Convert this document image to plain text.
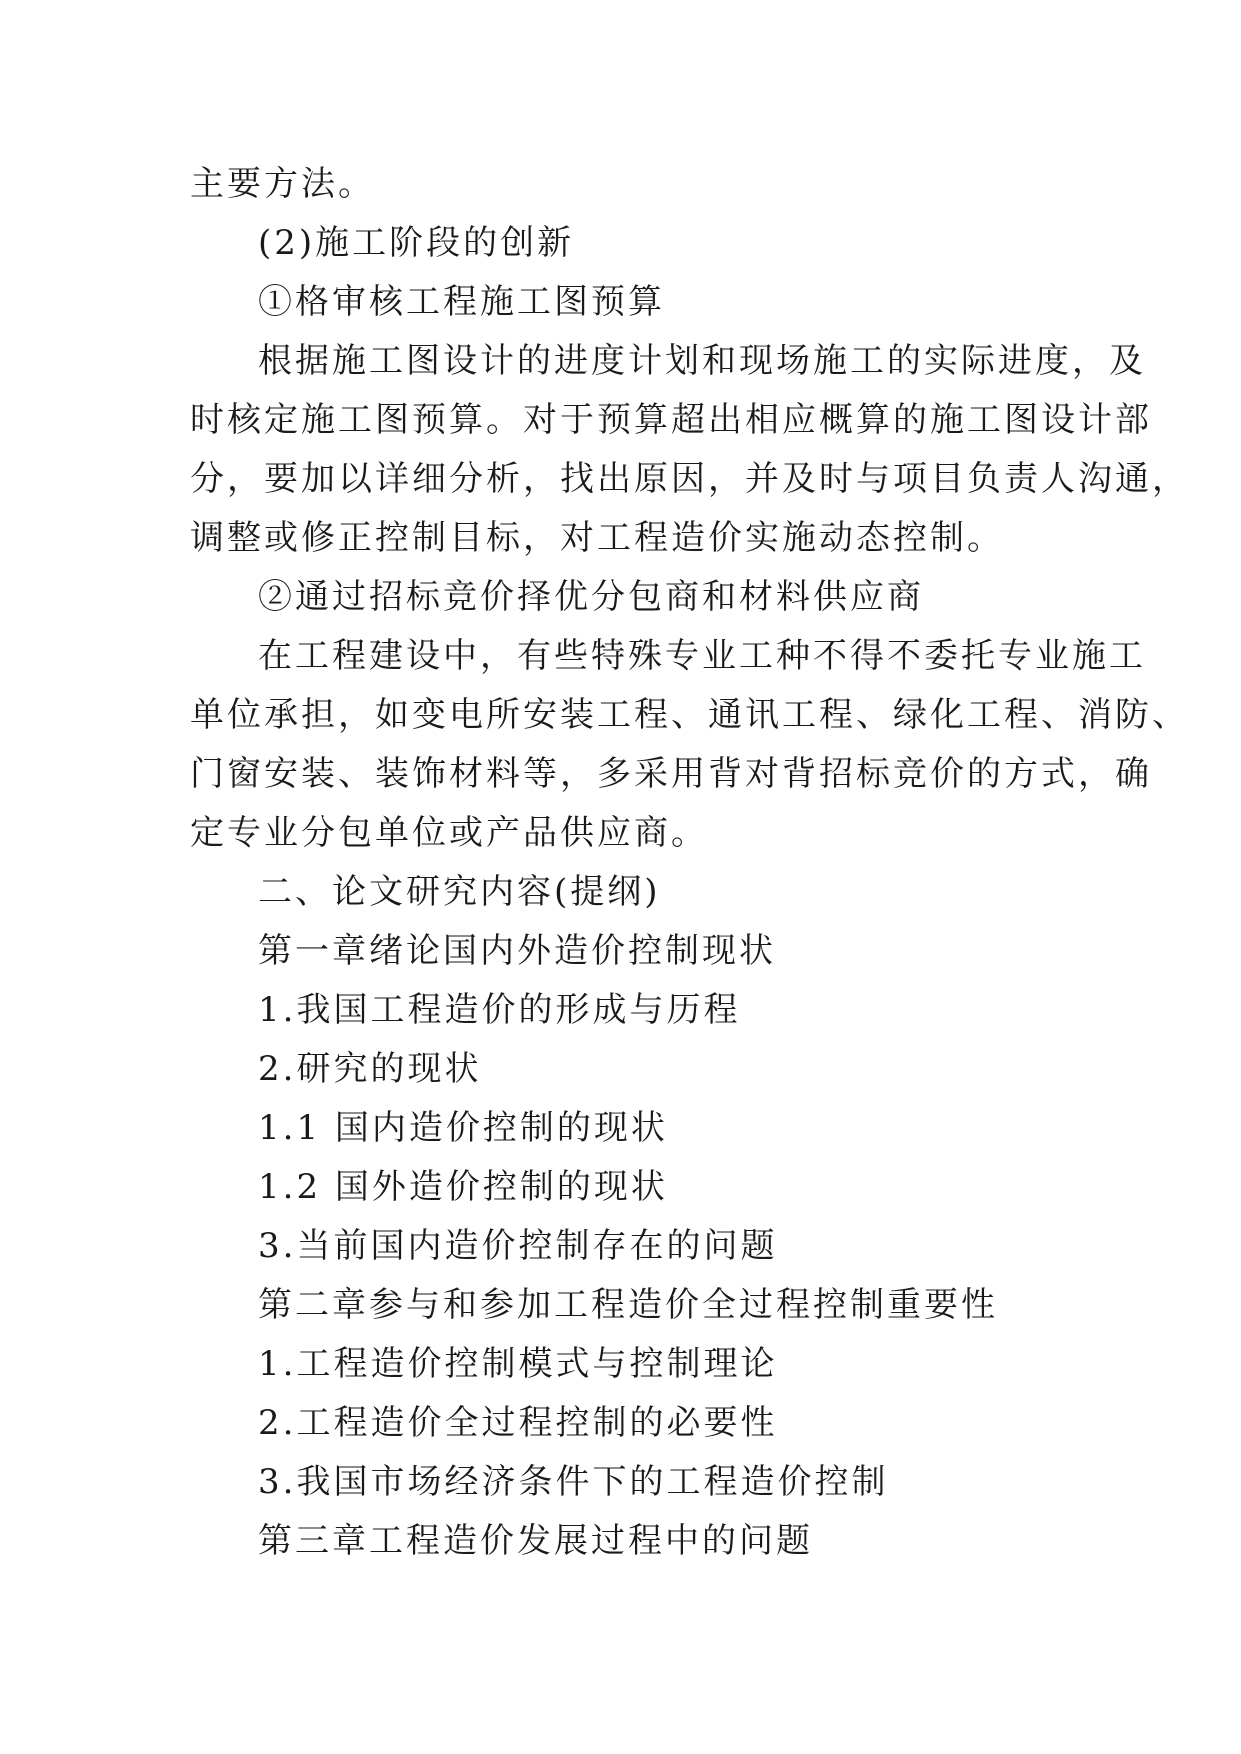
主要方法。
(2)施工阶段的创新
①格审核工程施工图预算
根据施工图设计的进度计划和现场施工的实际进度，及
时核定施工图预算。对于预算超出相应概算的施工图设计部
分，要加以详细分析，找出原因，并及时与项目负责人沟通，
调整或修正控制目标，对工程造价实施动态控制。
②通过招标竞价择优分包商和材料供应商
在工程建设中，有些特殊专业工种不得不委托专业施工
单位承担，如变电所安装工程、通讯工程、绿化工程、消防、
门窗安装、装饰材料等，多采用背对背招标竞价的方式，确
定专业分包单位或产品供应商。
二、论文研究内容(提纲)
第一章绪论国内外造价控制现状
1.我国工程造价的形成与历程
2.研究的现状
1.1 国内造价控制的现状
1.2 国外造价控制的现状
3.当前国内造价控制存在的问题
第二章参与和参加工程造价全过程控制重要性
1.工程造价控制模式与控制理论
2.工程造价全过程控制的必要性
3.我国市场经济条件下的工程造价控制
第三章工程造价发展过程中的问题
